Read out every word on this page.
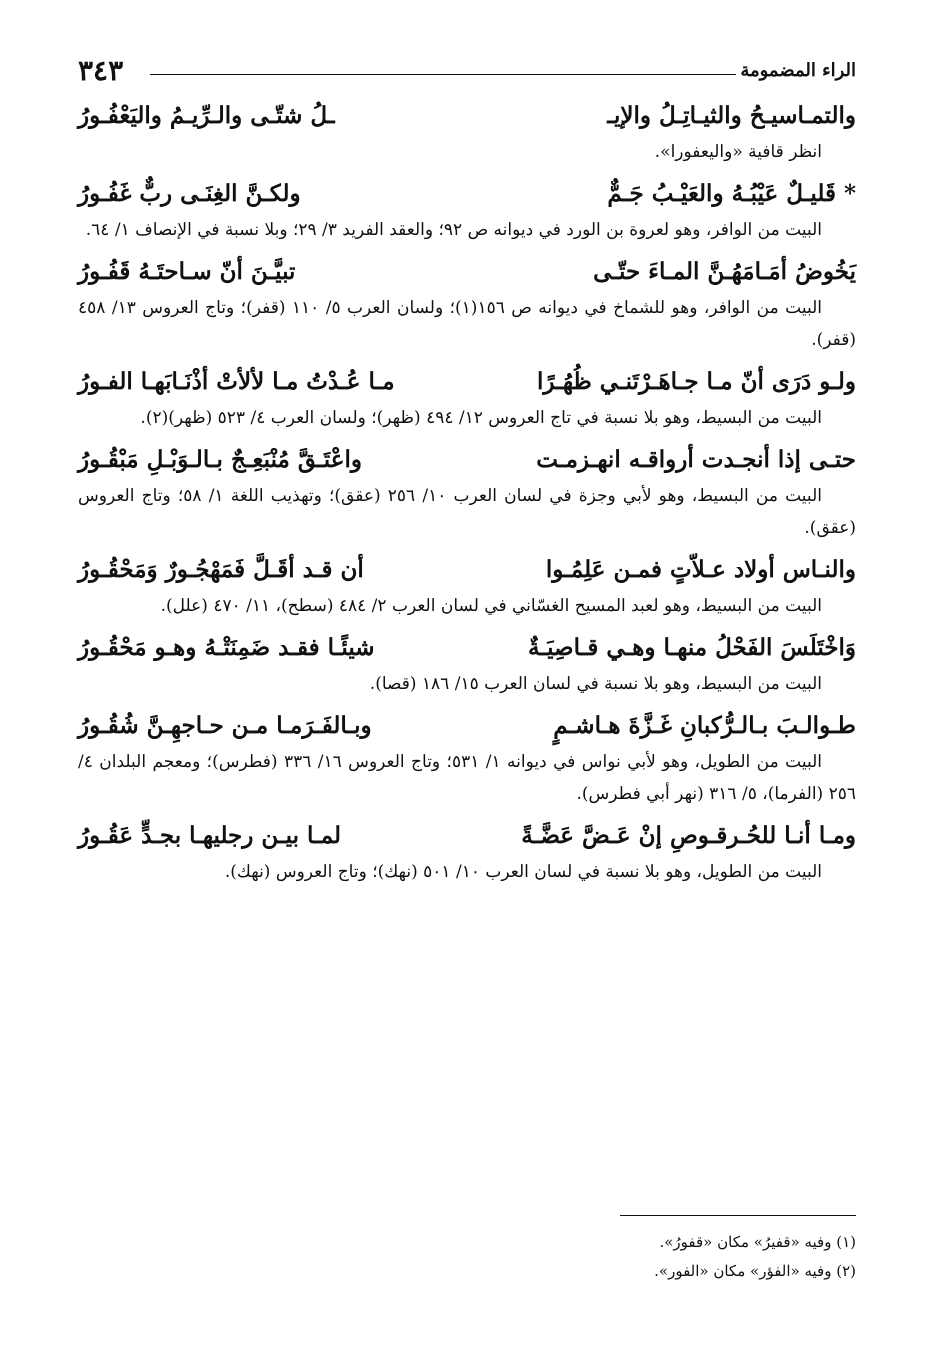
الراء المضمومة
٣٤٣
والتمـاسيـحُ والثيـاتِـلُ والإيـ
ـلُ شتّـى والـرِّيـمُ واليَعْفُـورُ
انظر قافية «واليعفورا».
* قَليـلٌ عَيْبُـهُ والعَيْـبُ جَـمٌّ
ولكـنَّ الغِنَـى ربٌّ غَفُـورُ
البيت من الوافر، وهو لعروة بن الورد في ديوانه ص ٩٢؛ والعقد الفريد ٣/ ٢٩؛ وبلا نسبة في الإنصاف ١/ ٦٤.
يَخُوضُ أمَـامَهُـنَّ المـاءَ حتّـى
تبيَّـنَ أنّ سـاحتَـهُ قَفُـورُ
البيت من الوافر، وهو للشماخ في ديوانه ص ١٥٦(١)؛ ولسان العرب ٥/ ١١٠ (قفر)؛ وتاج العروس ١٣/ ٤٥٨ (قفر).
ولـو دَرَى أنّ مـا جـاهَـرْتَنـي ظُهُـرًا
مـا عُـدْتُ مـا لألأتْ أذْنَـابَهـا الفـورُ
البيت من البسيط، وهو بلا نسبة في تاج العروس ١٢/ ٤٩٤ (ظهر)؛ ولسان العرب ٤/ ٥٢٣ (ظهر)(٢).
حتـى إذا أنجـدت أرواقـه انهـزمـت
واعْتَـقَّ مُنْبَعِـجٌ بـالـوَبْـلِ مَبْقُـورُ
البيت من البسيط، وهو لأبي وجزة في لسان العرب ١٠/ ٢٥٦ (عقق)؛ وتهذيب اللغة ١/ ٥٨؛ وتاج العروس (عقق).
والنـاس أولاد عـلاّتٍ فمـن عَلِمُـوا
أن قـد أقَـلَّ فَمَهْجُـورٌ وَمَحْقُـورُ
البيت من البسيط، وهو لعبد المسيح الغسّاني في لسان العرب ٢/ ٤٨٤ (سطح)، ١١/ ٤٧٠ (علل).
وَاخْتَلَسَ الفَحْلُ منهـا وهـي قـاصِيَـةٌ
شيئًـا فقـد ضَمِنَتْـهُ وهـو مَحْقُـورُ
البيت من البسيط، وهو بلا نسبة في لسان العرب ١٥/ ١٨٦ (قصا).
طـوالـبَ بـالـرُّكبانِ غَـزَّةَ هـاشـمٍ
وبـالفَـرَمـا مـن حـاجهِـنَّ شُقُـورُ
البيت من الطويل، وهو لأبي نواس في ديوانه ١/ ٥٣١؛ وتاج العروس ١٦/ ٣٣٦ (فطرس)؛ ومعجم البلدان ٤/ ٢٥٦ (الفرما)، ٥/ ٣١٦ (نهر أبي فطرس).
ومـا أنـا للحُـرقـوصِ إنْ عَـضَّ عَضَّـةً
لمـا بيـن رجليهـا بجـدٍّ عَقُـورُ
البيت من الطويل، وهو بلا نسبة في لسان العرب ١٠/ ٥٠١ (نهك)؛ وتاج العروس (نهك).
(١) وفيه «قفيرُ» مكان «قفورُ».
(٢) وفيه «الفؤر» مكان «الفور».
